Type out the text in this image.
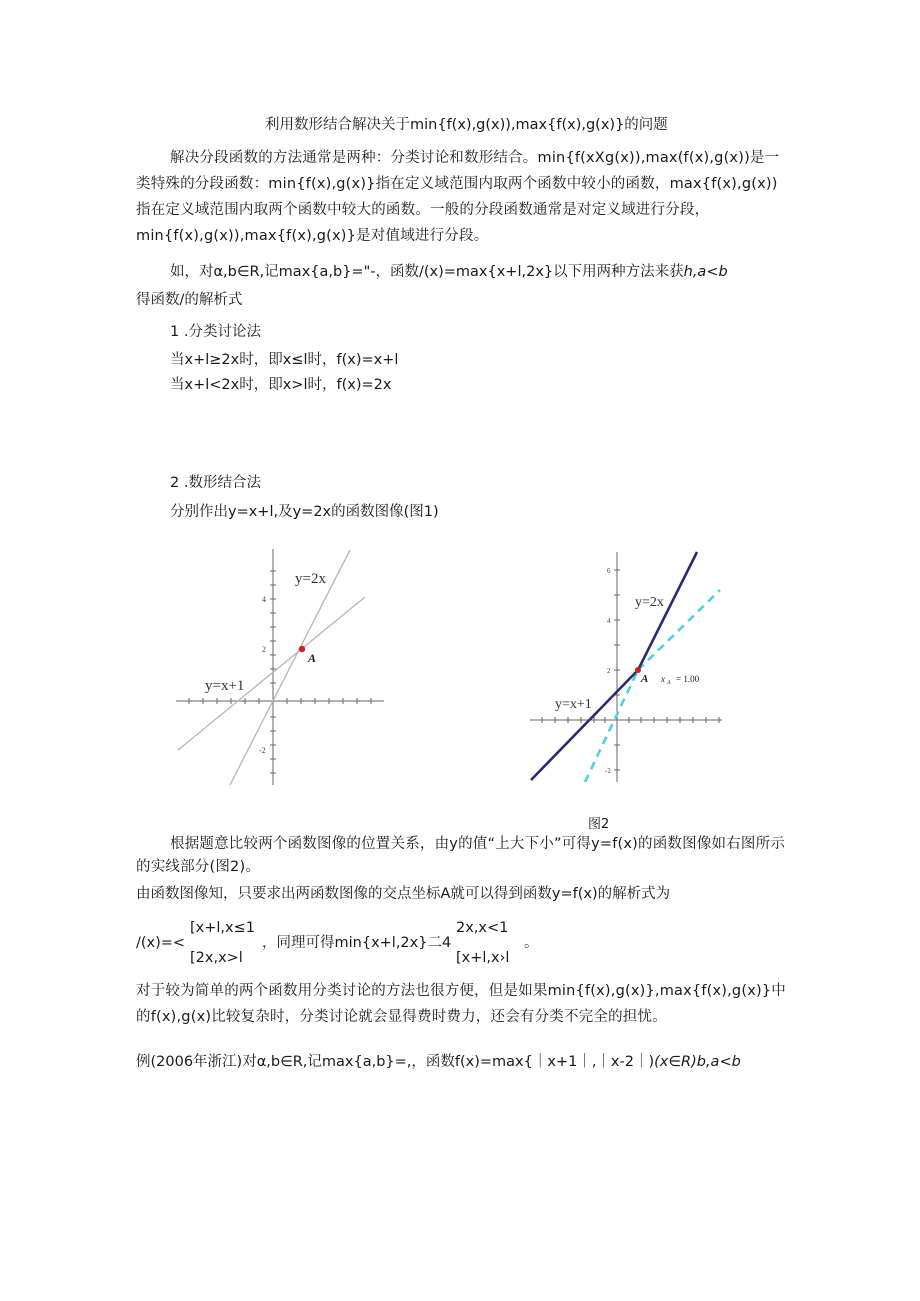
利用数形结合解决关于min{f(x),g(x)),max{f(x),g(x)}的问题
解决分段函数的方法通常是两种：分类讨论和数形结合。min{f(xXg(x)),max(f(x),g(x))是一类特殊的分段函数：min{f(x),g(x)}指在定义域范围内取两个函数中较小的函数，max{f(x),g(x))指在定义域范围内取两个函数中较大的函数。一般的分段函数通常是对定义域进行分段，min{f(x),g(x)),max{f(x),g(x)}是对值域进行分段。
如，对α,b∈R,记max{a,b}="-，函数/(x)=max{x+l,2x}以下用两种方法来获h,a<b
得函数/的解析式
1 .分类讨论法
当x+l≥2x时，即x≤l时，f(x)=x+l
当x+l<2x时，即x>l时，f(x)=2x
2 .数形结合法
分别作出y=x+l,及y=2x的函数图像(图1)
4
2
-2
A
y=2x
y=x+1
6
4
2
-2
A x A = 1.00
y=2x
y=x+1
图2
根据题意比较两个函数图像的位置关系，由y的值“上大下小”可得y=f(x)的函数图像如右图所示的实线部分(图2)。
由函数图像知，只要求出两函数图像的交点坐标A就可以得到函数y=f(x)的解析式为
/(x)=<
[x+l,x≤1
[2x,x>l
，同理可得min{x+l,2x}二4
2x,x<1
[x+l,x›l
。
对于较为简单的两个函数用分类讨论的方法也很方便，但是如果min{f(x),g(x)},max{f(x),g(x)}中的f(x),g(x)比较复杂时，分类讨论就会显得费时费力，还会有分类不完全的担忧。
例(2006年浙江)对α,b∈R,记max{a,b}=,，函数f(x)=max{｜x+1｜,｜x-2｜)(x∈R)b,a<b
